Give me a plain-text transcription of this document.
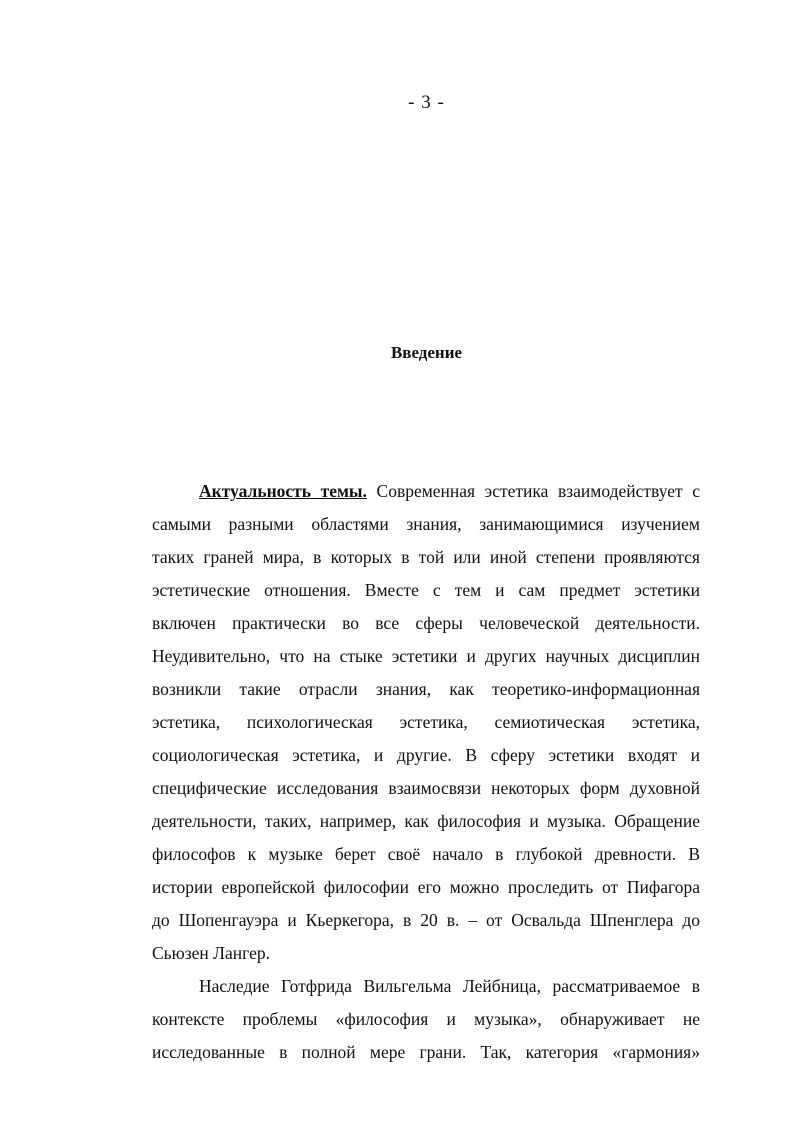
- 3 -
Введение
Актуальность темы. Современная эстетика взаимодействует с
самыми разными областями знания, занимающимися изучением
таких граней мира, в которых в той или иной степени проявляются
эстетические отношения. Вместе с тем и сам предмет эстетики
включен практически во все сферы человеческой деятельности.
Неудивительно, что на стыке эстетики и других научных дисциплин
возникли такие отрасли знания, как теоретико-информационная
эстетика, психологическая эстетика, семиотическая эстетика,
социологическая эстетика, и другие. В сферу эстетики входят и
специфические исследования взаимосвязи некоторых форм духовной
деятельности, таких, например, как философия и музыка. Обращение
философов к музыке берет своё начало в глубокой древности. В
истории европейской философии его можно проследить от Пифагора
до Шопенгауэра и Кьеркегора, в 20 в. – от Освальда Шпенглера до
Сьюзен Лангер.
Наследие Готфрида Вильгельма Лейбница, рассматриваемое в
контексте проблемы «философия и музыка», обнаруживает не
исследованные в полной мере грани. Так, категория «гармония»
